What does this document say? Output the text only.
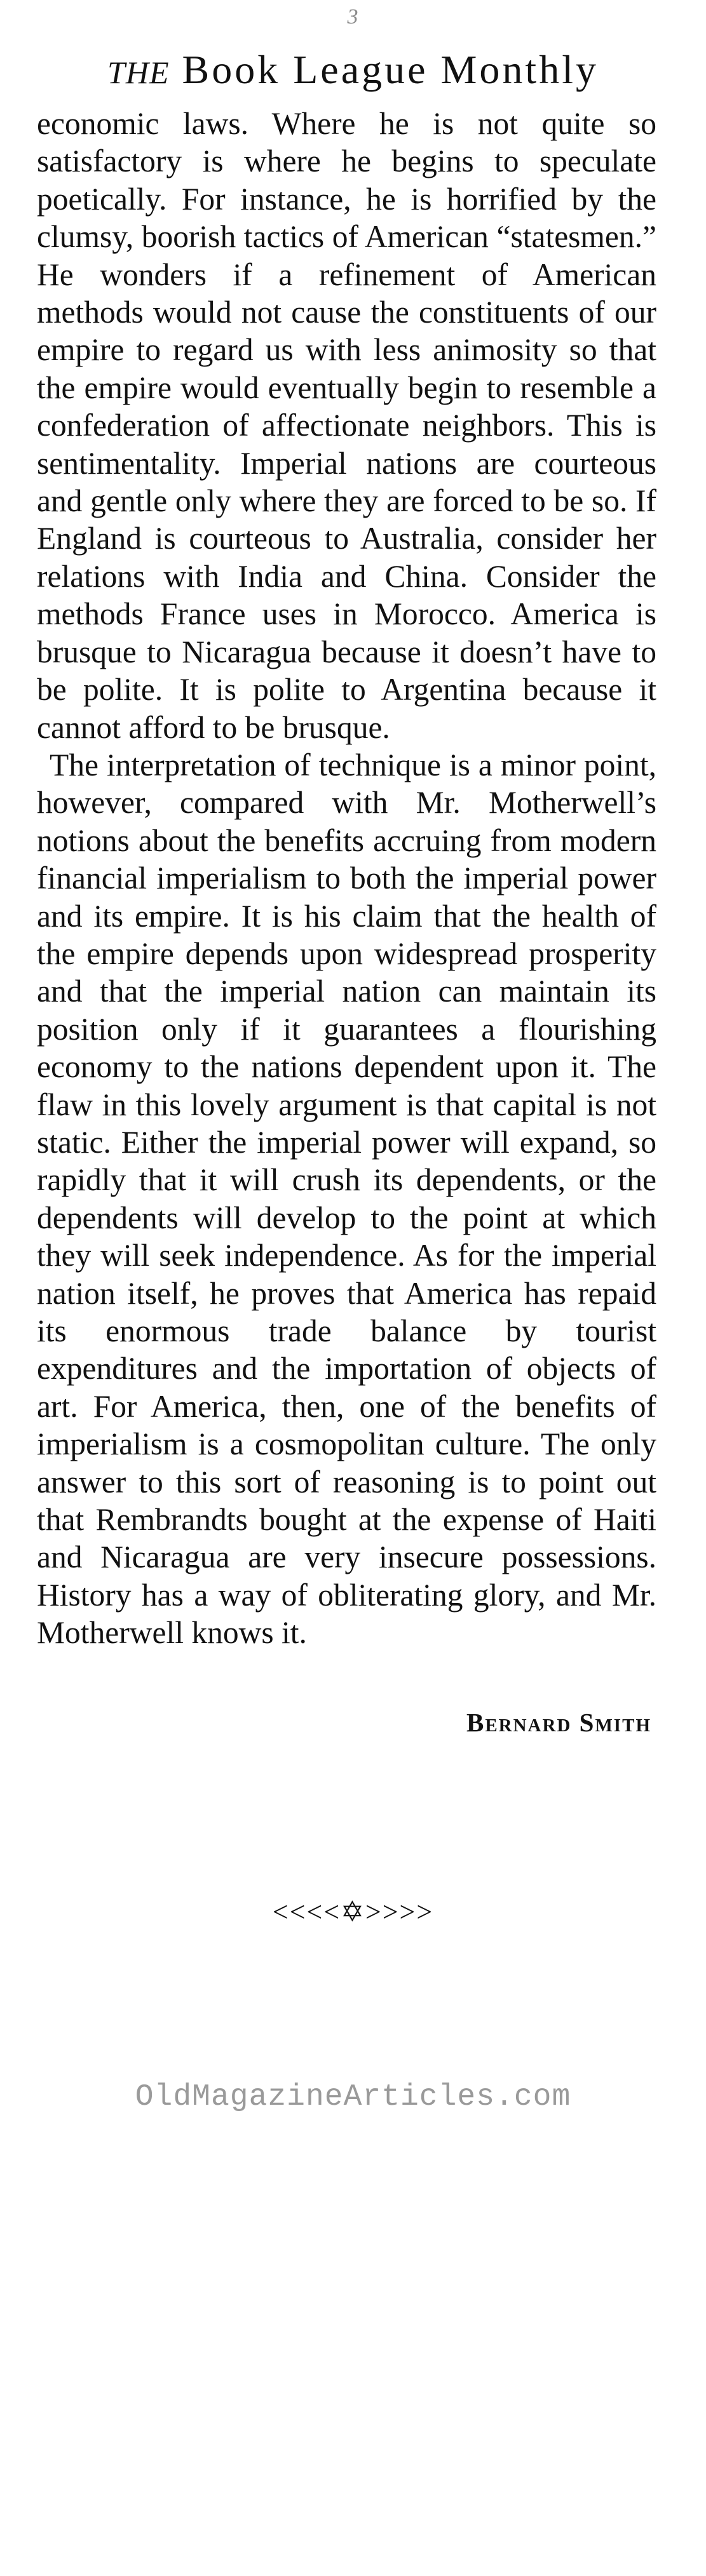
3
THE Book League Monthly

economic laws. Where he is not quite so satisfactory is where he begins to speculate poetically. For instance, he is horrified by the clumsy, boorish tactics of American “statesmen.” He wonders if a refinement of American methods would not cause the constituents of our empire to regard us with less animosity so that the empire would eventually begin to resemble a confederation of affectionate neighbors. This is sentimentality. Imperial nations are courteous and gentle only where they are forced to be so. If England is courteous to Australia, consider her relations with India and China. Consider the methods France uses in Morocco. America is brusque to Nicaragua because it doesn’t have to be polite. It is polite to Argentina because it cannot afford to be brusque.

The interpretation of technique is a minor point, however, compared with Mr. Motherwell’s notions about the benefits accruing from modern financial imperialism to both the imperial power and its empire. It is his claim that the health of the empire depends upon widespread prosperity and that the imperial nation can maintain its position only if it guarantees a flourishing economy to the nations dependent upon it. The flaw in this lovely argument is that capital is not static. Either the imperial power will expand, so rapidly that it will crush its dependents, or the dependents will develop to the point at which they will seek independence. As for the imperial nation itself, he proves that America has repaid its enormous trade balance by tourist expenditures and the importation of objects of art. For America, then, one of the benefits of imperialism is a cosmopolitan culture. The only answer to this sort of reasoning is to point out that Rembrandts bought at the expense of Haiti and Nicaragua are very insecure possessions. History has a way of obliterating glory, and Mr. Motherwell knows it.

Bernard Smith
<<<<✡>>>>
OldMagazineArticles.com
